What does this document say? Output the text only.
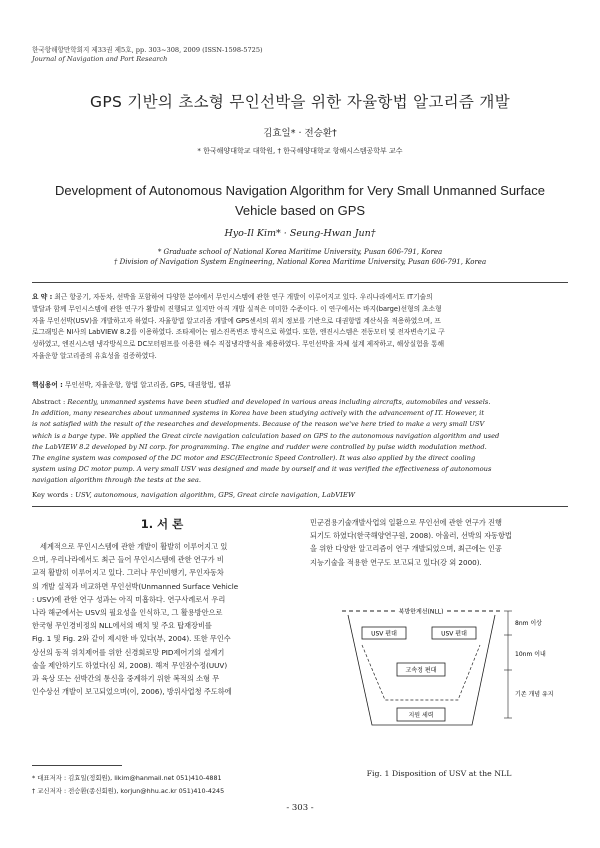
한국항해항만학회지 제33권 제5호, pp. 303~308, 2009 (ISSN-1598-5725)
Journal of Navigation and Port Research
GPS 기반의 초소형 무인선박을 위한 자율항법 알고리즘 개발
김효일* · 전승환†
* 한국해양대학교 대학원, † 한국해양대학교 항해시스템공학부 교수
Development of Autonomous Navigation Algorithm for Very Small Unmanned Surface
Vehicle based on GPS
Hyo-Il Kim* · Seung-Hwan Jun†
* Graduate school of National Korea Maritime University, Pusan 606-791, Korea
† Division of Navigation System Engineering, National Korea Maritime University, Pusan 606-791, Korea
요 약 : 최근 항공기, 자동차, 선박을 포함하여 다양한 분야에서 무인시스템에 관한 연구 개발이 이루어지고 있다. 우리나라에서도 IT기술의
발달과 함께 무인시스템에 관한 연구가 활발히 진행되고 있지만 아직 개발 실적은 미미한 수준이다. 이 연구에서는 바지(barge)선형의 초소형
자율 무인선박(USV)을 개발하고자 하였다. 자율항법 알고리즘 개발에 GPS센서의 위치 정보를 기반으로 대권항법 계산식을 적용하였으며, 프
로그래밍은 NI사의 LabVIEW 8.2를 이용하였다. 조타제어는 펄스진폭변조 방식으로 하였다. 또한, 엔진시스템은 전동모터 및 전자변속기로 구
성하였고, 엔진시스템 냉각방식으로 DC모터펌프를 이용한 해수 직접냉각방식을 채용하였다. 무인선박을 자체 설계 제작하고, 해상실험을 통해
자율운항 알고리즘의 유효성을 검증하였다.
핵심용어 : 무인선박, 자율운항, 항법 알고리즘, GPS, 대권항법, 랩뷰
Abstract : Recently, unmanned systems have been studied and developed in various areas including aircrafts, automobiles and vessels.
In addition, many researches about unmanned systems in Korea have been studying actively with the advancement of IT. However, it
is not satisfied with the result of the researches and developments. Because of the reason we've here tried to make a very small USV
which is a barge type. We applied the Great circle navigation calculation based on GPS to the autonomous navigation algorithm and used
the LabVIEW 8.2 developed by NI corp. for programming. The engine and rudder were controlled by pulse width modulation method.
The engine system was composed of the DC motor and ESC(Electronic Speed Controller). It was also applied by the direct cooling
system using DC motor pump. A very small USV was designed and made by ourself and it was verified the effectiveness of autonomous
navigation algorithm through the tests at the sea.
Key words : USV, autonomous, navigation algorithm, GPS, Great circle navigation, LabVIEW
1. 서 론
세계적으로 무인시스템에 관한 개발이 활발히 이루어지고 있
으며, 우리나라에서도 최근 들어 무인시스템에 관한 연구가 비
교적 활발히 이루어지고 있다. 그러나 무인비행기, 무인자동차
의 개발 실적과 비교하면 무인선박(Unmanned Surface Vehicle
: USV)에 관한 연구 성과는 아직 미흡하다. 연구사례로서 우리
나라 해군에서는 USV의 필요성을 인식하고, 그 활용방안으로
한국형 무인경비정의 NLL에서의 배치 및 주요 탑재장비를
Fig. 1 및 Fig. 2와 같이 제시한 바 있다(부, 2004). 또한 무인수
상선의 동적 위치제어를 위한 신경회로망 PID제어기의 설계기
술을 제안하기도 하였다(심 외, 2008). 해저 무인잠수정(UUV)
과 육상 또는 선박간의 통신을 중계하기 위한 복적의 소형 무
인수상선 개발이 보고되었으며(이, 2006), 방위사업청 주도하에
민군겸용기술개발사업의 일환으로 무인선에 관한 연구가 진행
되기도 하였다(한국해양연구원, 2008). 아울러, 선박의 자동항법
을 위한 다양한 알고리즘이 연구 개발되었으며, 최근에는 인공
지능기술을 적용한 연구도 보고되고 있다(강 외 2000).
북방한계선(NLL)
USV 편대	USV 편대
고속정 편대
지원 세력
8nm 이상
10nm 이내
기존 개념 유지
Fig. 1 Disposition of USV at the NLL
* 대표저자 : 김효일(정회원), likim@hanmail.net 051)410-4881
† 교신저자 : 전승환(종신회원), korjun@hhu.ac.kr 051)410-4245
- 303 -
